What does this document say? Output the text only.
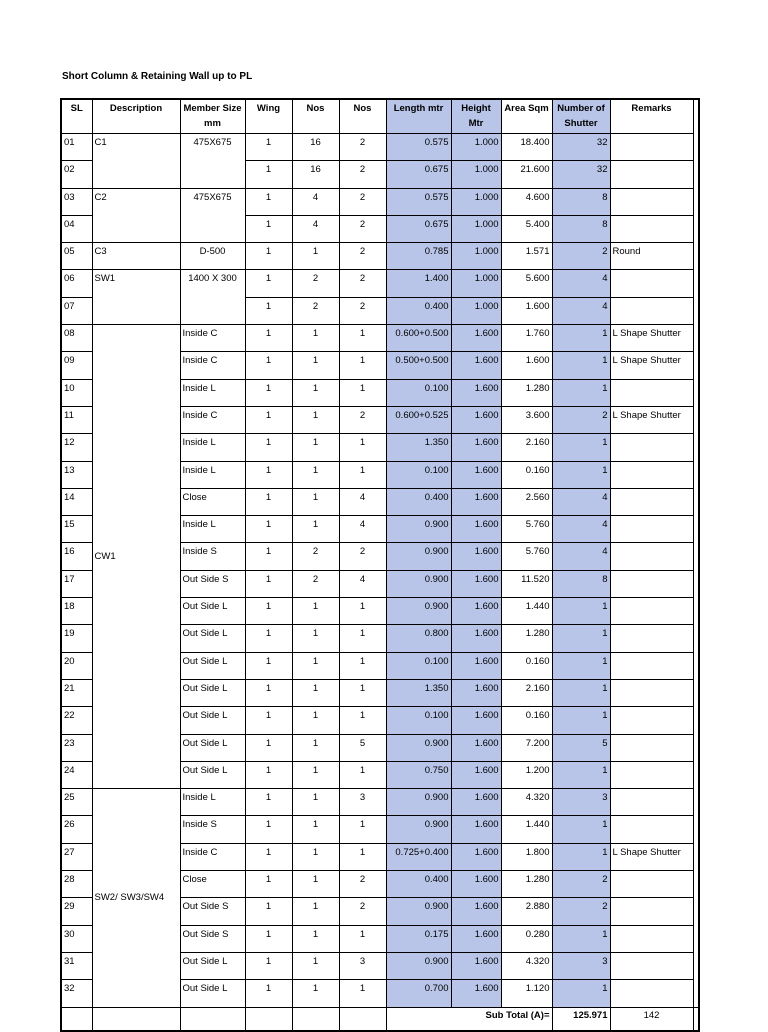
Short Column & Retaining Wall up to PL
SL	Description	Member Size mm	Wing	Nos	Nos	Length mtr	Height Mtr	Area Sqm	Number of Shutter	Remarks	
01	C1	475X675	1	16	2	0.575	1.000	18.400	32		
02			1	16	2	0.675	1.000	21.600	32		
03	C2	475X675	1	4	2	0.575	1.000	4.600	8		
04			1	4	2	0.675	1.000	5.400	8		
05	C3	D-500	1	1	2	0.785	1.000	1.571	2	Round	
06	SW1	1400 X 300	1	2	2	1.400	1.000	5.600	4		
07			1	2	2	0.400	1.000	1.600	4		
08	CW1	Inside C	1	1	1	0.600+0.500	1.600	1.760	1	L Shape Shutter	
09		Inside C	1	1	1	0.500+0.500	1.600	1.600	1	L Shape Shutter	
10		Inside L	1	1	1	0.100	1.600	1.280	1		
11		Inside C	1	1	2	0.600+0.525	1.600	3.600	2	L Shape Shutter	
12		Inside L	1	1	1	1.350	1.600	2.160	1		
13		Inside L	1	1	1	0.100	1.600	0.160	1		
14		Close	1	1	4	0.400	1.600	2.560	4		
15		Inside L	1	1	4	0.900	1.600	5.760	4		
16		Inside S	1	2	2	0.900	1.600	5.760	4		
17		Out Side S	1	2	4	0.900	1.600	11.520	8		
18		Out Side L	1	1	1	0.900	1.600	1.440	1		
19		Out Side L	1	1	1	0.800	1.600	1.280	1		
20		Out Side L	1	1	1	0.100	1.600	0.160	1		
21		Out Side L	1	1	1	1.350	1.600	2.160	1		
22		Out Side L	1	1	1	0.100	1.600	0.160	1		
23		Out Side L	1	1	5	0.900	1.600	7.200	5		
24		Out Side L	1	1	1	0.750	1.600	1.200	1		
25	SW2/ SW3/SW4	Inside L	1	1	3	0.900	1.600	4.320	3		
26		Inside S	1	1	1	0.900	1.600	1.440	1		
27		Inside C	1	1	1	0.725+0.400	1.600	1.800	1	L Shape Shutter	
28		Close	1	1	2	0.400	1.600	1.280	2		
29		Out Side S	1	1	2	0.900	1.600	2.880	2		
30		Out Side S	1	1	1	0.175	1.600	0.280	1		
31		Out Side L	1	1	3	0.900	1.600	4.320	3		
32		Out Side L	1	1	1	0.700	1.600	1.120	1		
						Sub Total (A)=			125.971	142	
